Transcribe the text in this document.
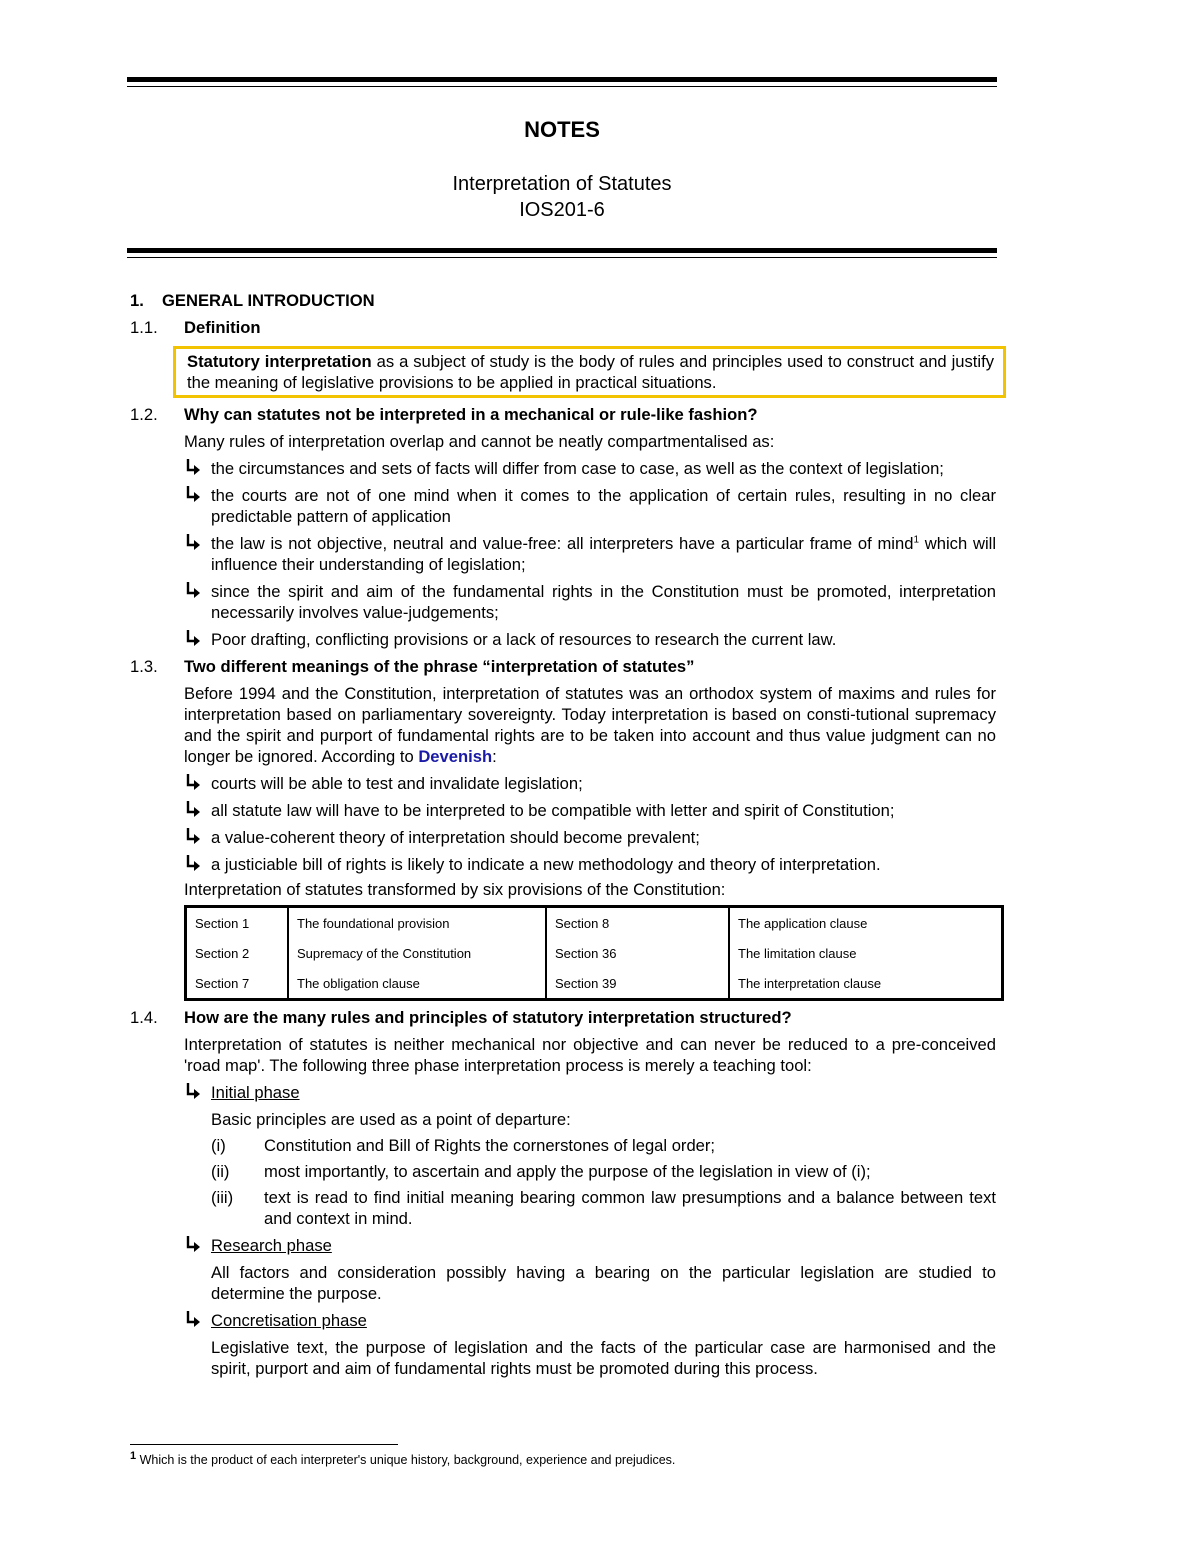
NOTES
Interpretation of Statutes
IOS201-6
1. GENERAL INTRODUCTION
1.1. Definition
Statutory interpretation as a subject of study is the body of rules and principles used to construct and justify the meaning of legislative provisions to be applied in practical situations.
1.2. Why can statutes not be interpreted in a mechanical or rule-like fashion?
Many rules of interpretation overlap and cannot be neatly compartmentalised as:
the circumstances and sets of facts will differ from case to case, as well as the context of legislation;
the courts are not of one mind when it comes to the application of certain rules, resulting in no clear predictable pattern of application
the law is not objective, neutral and value-free: all interpreters have a particular frame of mind$^1$ which will influence their understanding of legislation;
since the spirit and aim of the fundamental rights in the Constitution must be promoted, interpretation necessarily involves value-judgements;
Poor drafting, conflicting provisions or a lack of resources to research the current law.
1.3. Two different meanings of the phrase “interpretation of statutes”
Before 1994 and the Constitution, interpretation of statutes was an orthodox system of maxims and rules for interpretation based on parliamentary sovereignty. Today interpretation is based on consti-tutional supremacy and the spirit and purport of fundamental rights are to be taken into account and thus value judgment can no longer be ignored. According to Devenish:
courts will be able to test and invalidate legislation;
all statute law will have to be interpreted to be compatible with letter and spirit of Constitution;
a value-coherent theory of interpretation should become prevalent;
a justiciable bill of rights is likely to indicate a new methodology and theory of interpretation.
Interpretation of statutes transformed by six provisions of the Constitution:
Section 1	The foundational provision	Section 8	The application clause
Section 2	Supremacy of the Constitution	Section 36	The limitation clause
Section 7	The obligation clause	Section 39	The interpretation clause
1.4. How are the many rules and principles of statutory interpretation structured?
Interpretation of statutes is neither mechanical nor objective and can never be reduced to a pre-conceived 'road map'. The following three phase interpretation process is merely a teaching tool:
Initial phase
Basic principles are used as a point of departure:
(i) Constitution and Bill of Rights the cornerstones of legal order;
(ii) most importantly, to ascertain and apply the purpose of the legislation in view of (i);
(iii) text is read to find initial meaning bearing common law presumptions and a balance between text and context in mind.
Research phase
All factors and consideration possibly having a bearing on the particular legislation are studied to determine the purpose.
Concretisation phase
Legislative text, the purpose of legislation and the facts of the particular case are harmonised and the spirit, purport and aim of fundamental rights must be promoted during this process.
$^1$ Which is the product of each interpreter's unique history, background, experience and prejudices.
